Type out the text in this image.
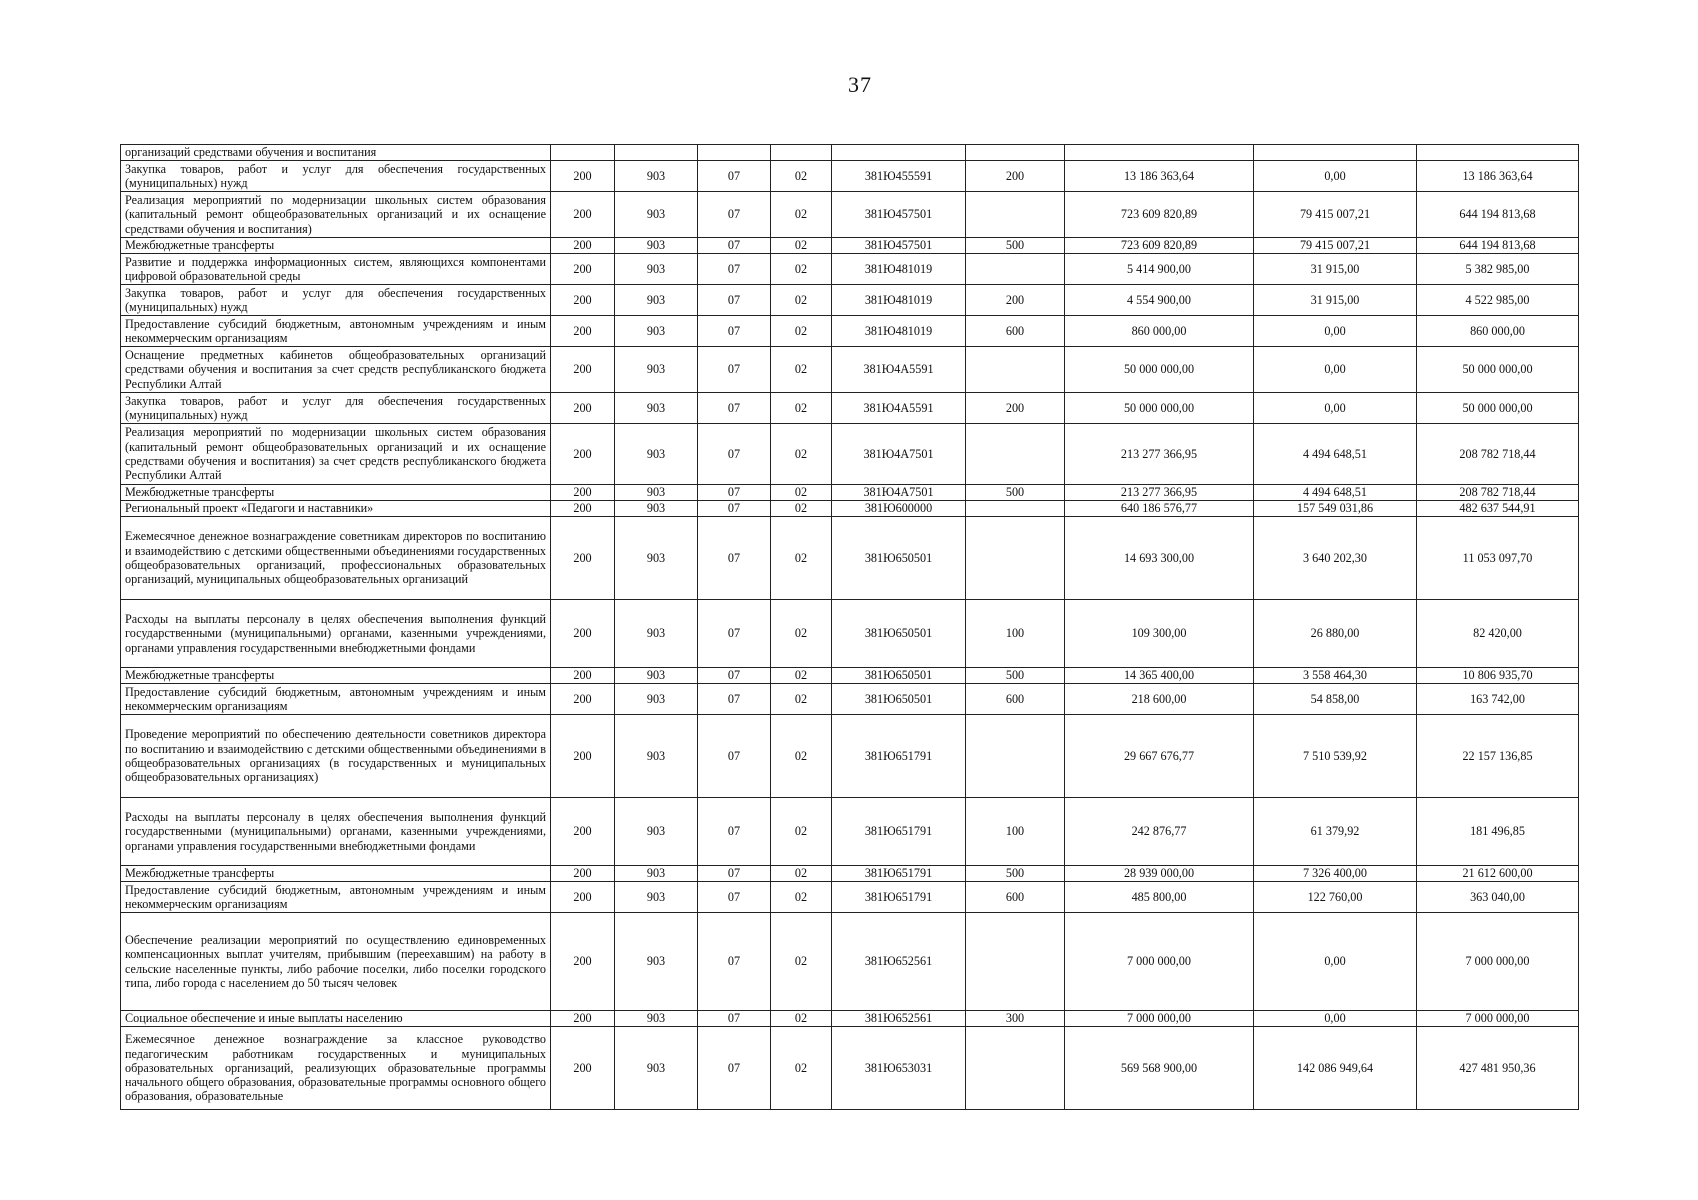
37
организаций средствами обучения и воспитания									
Закупка товаров, работ и услуг для обеспечения государственных (муниципальных) нужд	200	903	07	02	381Ю455591	200	13 186 363,64	0,00	13 186 363,64
Реализация мероприятий по модернизации школьных систем образования (капитальный ремонт общеобразовательных организаций и их оснащение средствами обучения и воспитания)	200	903	07	02	381Ю457501		723 609 820,89	79 415 007,21	644 194 813,68
Межбюджетные трансферты	200	903	07	02	381Ю457501	500	723 609 820,89	79 415 007,21	644 194 813,68
Развитие и поддержка информационных систем, являющихся компонентами цифровой образовательной среды	200	903	07	02	381Ю481019		5 414 900,00	31 915,00	5 382 985,00
Закупка товаров, работ и услуг для обеспечения государственных (муниципальных) нужд	200	903	07	02	381Ю481019	200	4 554 900,00	31 915,00	4 522 985,00
Предоставление субсидий бюджетным, автономным учреждениям и иным некоммерческим организациям	200	903	07	02	381Ю481019	600	860 000,00	0,00	860 000,00
Оснащение предметных кабинетов общеобразовательных организаций средствами обучения и воспитания за счет средств республиканского бюджета Республики Алтай	200	903	07	02	381Ю4А5591		50 000 000,00	0,00	50 000 000,00
Закупка товаров, работ и услуг для обеспечения государственных (муниципальных) нужд	200	903	07	02	381Ю4А5591	200	50 000 000,00	0,00	50 000 000,00
Реализация мероприятий по модернизации школьных систем образования (капитальный ремонт общеобразовательных организаций и их оснащение средствами обучения и воспитания) за счет средств республиканского бюджета Республики Алтай	200	903	07	02	381Ю4А7501		213 277 366,95	4 494 648,51	208 782 718,44
Межбюджетные трансферты	200	903	07	02	381Ю4А7501	500	213 277 366,95	4 494 648,51	208 782 718,44
Региональный проект «Педагоги и наставники»	200	903	07	02	381Ю600000		640 186 576,77	157 549 031,86	482 637 544,91
Ежемесячное денежное вознаграждение советникам директоров по воспитанию и взаимодействию с детскими общественными объединениями государственных общеобразовательных организаций, профессиональных образовательных организаций, муниципальных общеобразовательных организаций	200	903	07	02	381Ю650501		14 693 300,00	3 640 202,30	11 053 097,70
Расходы на выплаты персоналу в целях обеспечения выполнения функций государственными (муниципальными) органами, казенными учреждениями, органами управления государственными внебюджетными фондами	200	903	07	02	381Ю650501	100	109 300,00	26 880,00	82 420,00
Межбюджетные трансферты	200	903	07	02	381Ю650501	500	14 365 400,00	3 558 464,30	10 806 935,70
Предоставление субсидий бюджетным, автономным учреждениям и иным некоммерческим организациям	200	903	07	02	381Ю650501	600	218 600,00	54 858,00	163 742,00
Проведение мероприятий по обеспечению деятельности советников директора по воспитанию и взаимодействию с детскими общественными объединениями в общеобразовательных организациях (в государственных и муниципальных общеобразовательных организациях)	200	903	07	02	381Ю651791		29 667 676,77	7 510 539,92	22 157 136,85
Расходы на выплаты персоналу в целях обеспечения выполнения функций государственными (муниципальными) органами, казенными учреждениями, органами управления государственными внебюджетными фондами	200	903	07	02	381Ю651791	100	242 876,77	61 379,92	181 496,85
Межбюджетные трансферты	200	903	07	02	381Ю651791	500	28 939 000,00	7 326 400,00	21 612 600,00
Предоставление субсидий бюджетным, автономным учреждениям и иным некоммерческим организациям	200	903	07	02	381Ю651791	600	485 800,00	122 760,00	363 040,00
Обеспечение реализации мероприятий по осуществлению единовременных компенсационных выплат учителям, прибывшим (переехавшим) на работу в сельские населенные пункты, либо рабочие поселки, либо поселки городского типа, либо города с населением до 50 тысяч человек	200	903	07	02	381Ю652561		7 000 000,00	0,00	7 000 000,00
Социальное обеспечение и иные выплаты населению	200	903	07	02	381Ю652561	300	7 000 000,00	0,00	7 000 000,00
Ежемесячное денежное вознаграждение за классное руководство педагогическим работникам государственных и муниципальных образовательных организаций, реализующих образовательные программы начального общего образования, образовательные программы основного общего образования, образовательные	200	903	07	02	381Ю653031		569 568 900,00	142 086 949,64	427 481 950,36
